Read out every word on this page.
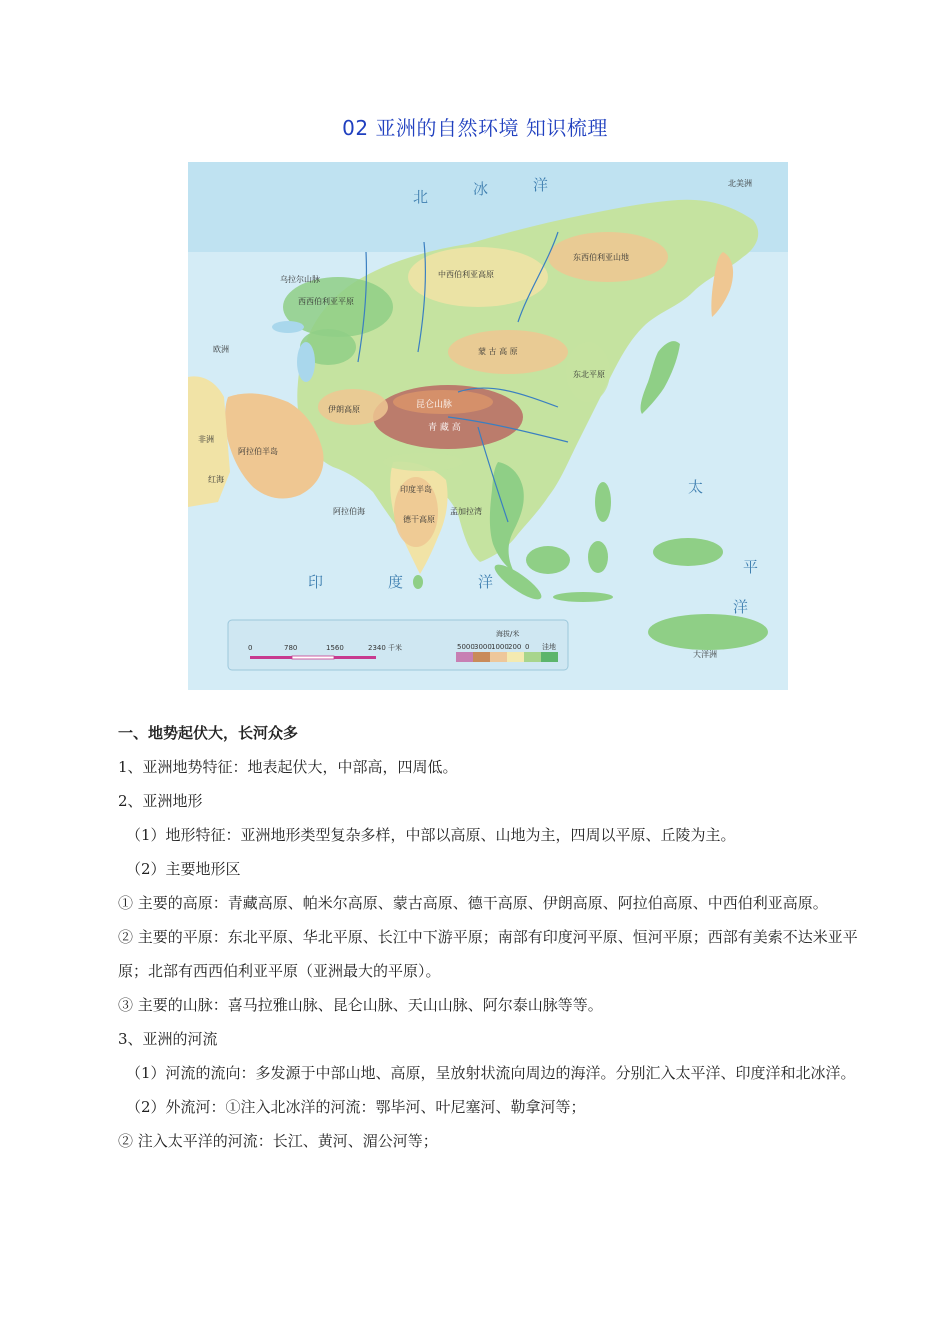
02 亚洲的自然环境 知识梳理
北	冰	洋
太
平
洋
印	度	洋
北美洲
欧洲
非洲
大洋洲
昆仑山脉
青 藏 高
印度半岛
德干高原
阿拉伯半岛
伊朗高原
西西伯利亚平原
中西伯利亚高原
东西伯利亚山地
蒙 古 高 原
阿拉伯海	孟加拉湾
乌拉尔山脉
东北平原
红海
0	780	1560	2340 千米
海拔/米
5000 3000 1000 200 0 洼地

一、地势起伏大，长河众多

1、亚洲地势特征：地表起伏大，中部高，四周低。

2、亚洲地形

（1）地形特征：亚洲地形类型复杂多样，中部以高原、山地为主，四周以平原、丘陵为主。

（2）主要地形区

① 主要的高原：青藏高原、帕米尔高原、蒙古高原、德干高原、伊朗高原、阿拉伯高原、中西伯利亚高原。

② 主要的平原：东北平原、华北平原、长江中下游平原；南部有印度河平原、恒河平原；西部有美索不达米亚平原；北部有西西伯利亚平原（亚洲最大的平原）。

③ 主要的山脉：喜马拉雅山脉、昆仑山脉、天山山脉、阿尔泰山脉等等。

3、亚洲的河流

（1）河流的流向：多发源于中部山地、高原，呈放射状流向周边的海洋。分别汇入太平洋、印度洋和北冰洋。

（2）外流河：①注入北冰洋的河流：鄂毕河、叶尼塞河、勒拿河等；

② 注入太平洋的河流：长江、黄河、湄公河等；
